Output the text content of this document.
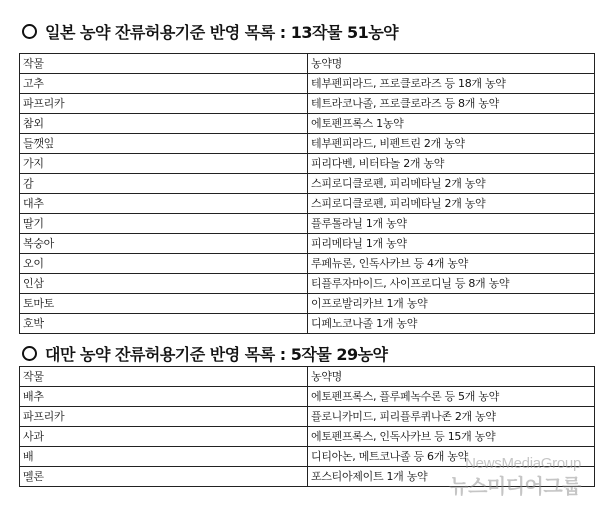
일본 농약 잔류허용기준 반영 목록 : 13작물 51농약
작물	농약명
고추	테부펜피라드, 프로클로라즈 등 18개 농약
파프리카	테트라코나졸, 프로클로라즈 등 8개 농약
참외	에토펜프록스 1농약
들깻잎	테부펜피라드, 비펜트린 2개 농약
가지	피리다벤, 비터타놀 2개 농약
감	스피로디클로펜, 피리메타닐 2개 농약
대추	스피로디클로펜, 피리메타닐 2개 농약
딸기	플루톨라닐 1개 농약
복숭아	피리메타닐 1개 농약
오이	루페뉴론, 인독사카브 등 4개 농약
인삼	티플루자마이드, 사이프로디닐 등 8개 농약
토마토	이프로발리카브 1개 농약
호박	디페노코나졸 1개 농약
대만 농약 잔류허용기준 반영 목록 : 5작물 29농약
작물	농약명
배추	에토펜프록스, 플루페녹수론 등 5개 농약
파프리카	플로니카미드, 피리플루퀴나존 2개 농약
사과	에토펜프록스, 인독사카브 등 15개 농약
배	디티아논, 메트코나졸 등 6개 농약
멜론	포스티아제이트 1개 농약
NewsMediaGroup
뉴스미디어그룹
